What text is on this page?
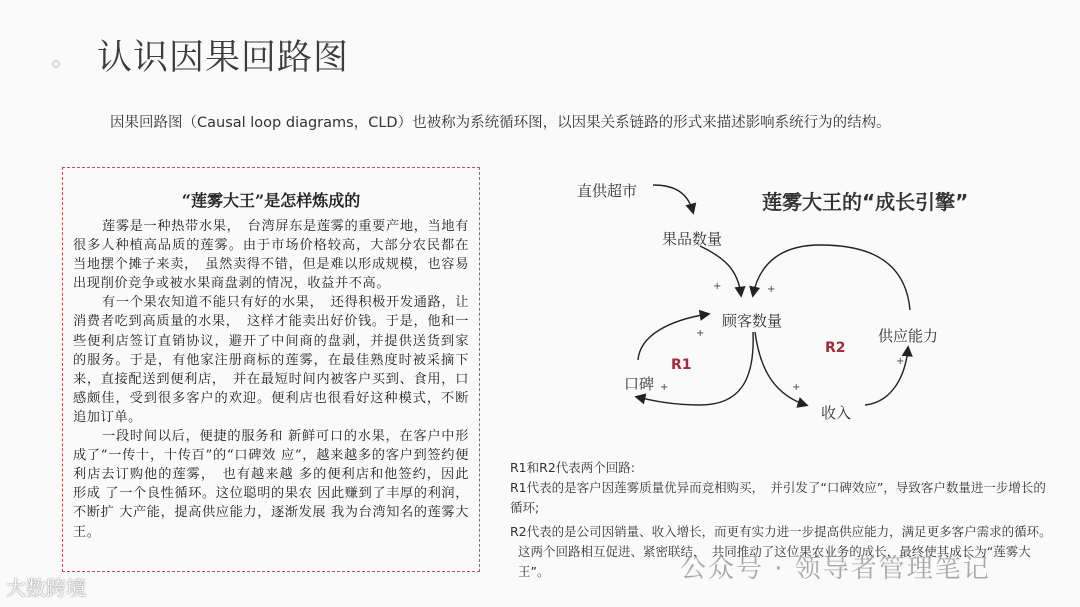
认识因果回路图
因果回路图（Causal loop diagrams，CLD）也被称为系统循环图，以因果关系链路的形式来描述影响系统行为的结构。
“莲雾大王”是怎样炼成的

莲雾是一种热带水果，　台湾屏东是莲雾的重要产地，当地有很多人种植高品质的莲雾。由于市场价格较高，大部分农民都在当地摆个摊子来卖，　虽然卖得不错，但是难以形成规模，也容易出现削价竞争或被水果商盘剥的情况，收益并不高。

有一个果农知道不能只有好的水果，　还得积极开发通路，让消费者吃到高质量的水果，　这样才能卖出好价钱。于是，他和一些便利店签订直销协议，避开了中间商的盘剥，并提供送货到家的服务。于是，有他家注册商标的莲雾，在最佳熟度时被采摘下来，直接配送到便利店，　并在最短时间内被客户买到、食用，口感颇佳，受到很多客户的欢迎。便利店也很看好这种模式，不断追加订单。

一段时间以后，便捷的服务和 新鲜可口的水果，在客户中形 成了“一传十，十传百”的“口碑效 应”，越来越多的客户到签约便 利店去订购他的莲雾，　也有越来越 多的便利店和他签约，因此形成 了一个良性循环。这位聪明的果农 因此赚到了丰厚的利润，不断扩 大产能，提高供应能力，逐渐发展 我为台湾知名的莲雾大王。

莲雾大王的“成长引擎”
直供超市
果品数量
顾客数量
口碑
供应能力
收入
R1
R2
+	+
+
+	+
+

R1和R2代表两个回路:

R1代表的是客户因莲雾质量优异而竞相购买，　并引发了“口碑效应”，导致客户数量进一步增长的循环;

R2代表的是公司因销量、收入增长，而更有实力进一步提高供应能力，满足更多客户需求的循环。

这两个回路相互促进、紧密联结，　共同推动了这位果农业务的成长，最终使其成长为“莲雾大王”。	公众号 · 领导者管理笔记
大数跨境
